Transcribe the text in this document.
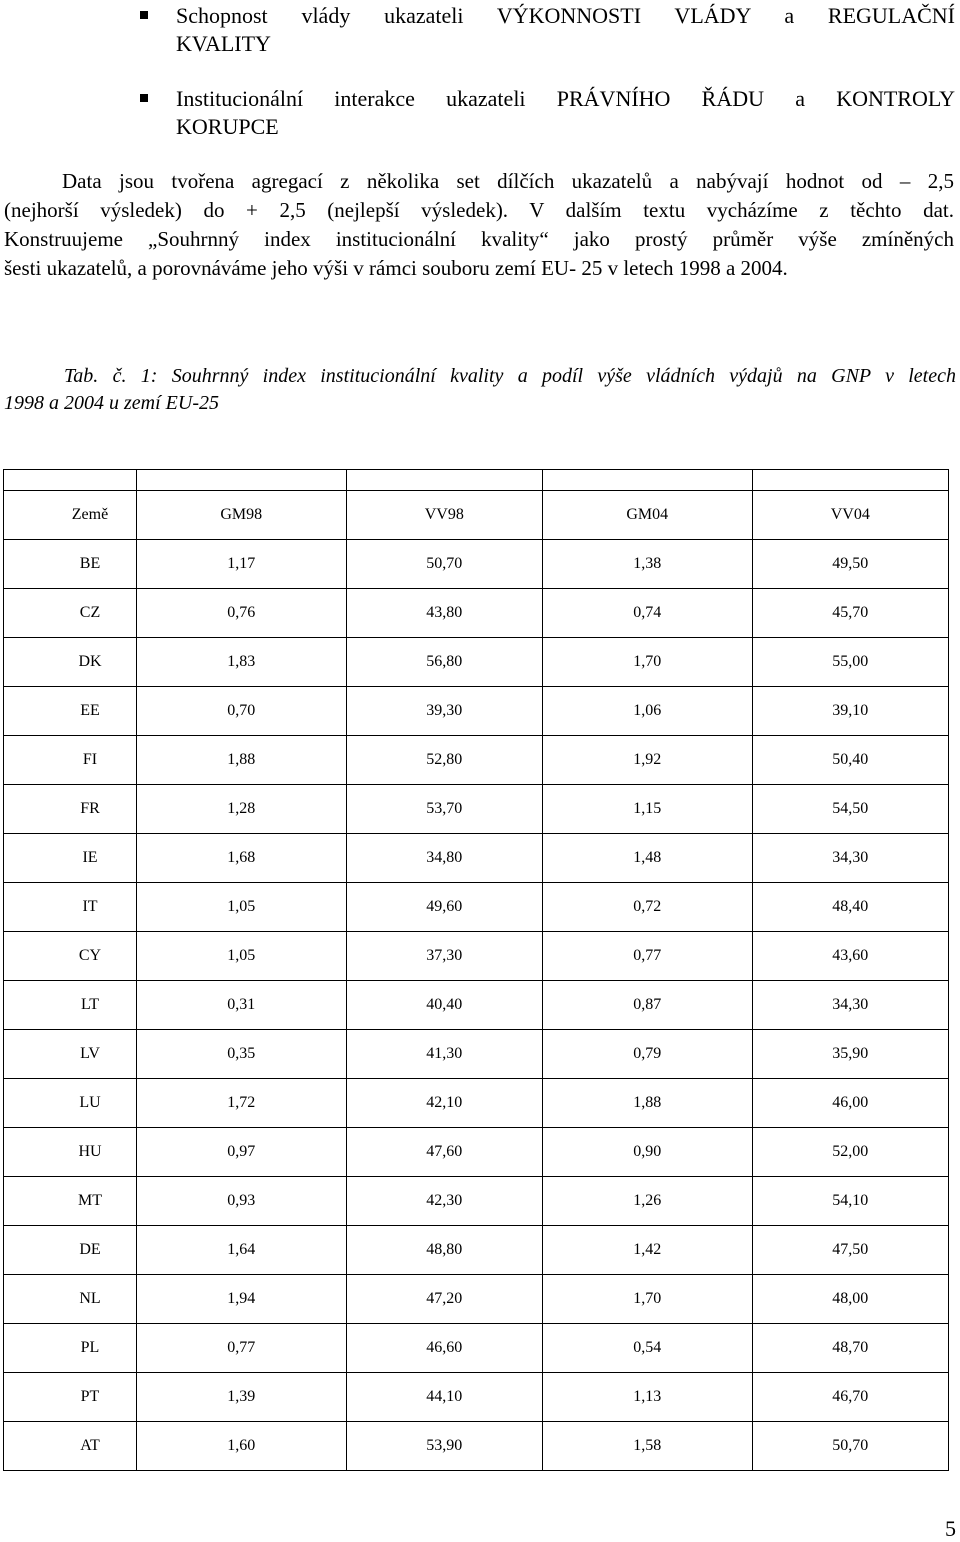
Schopnost vlády ukazateli VÝKONNOSTI VLÁDY a REGULAČNÍ
KVALITY
Institucionální interakce ukazateli PRÁVNÍHO ŘÁDU a KONTROLY
KORUPCE
Data jsou tvořena agregací z několika set dílčích ukazatelů a nabývají hodnot od – 2,5
(nejhorší výsledek) do + 2,5 (nejlepší výsledek). V dalším textu vycházíme z těchto dat.
Konstruujeme „Souhrnný index institucionální kvality“ jako prostý průměr výše zmíněných
šesti ukazatelů, a porovnáváme jeho výši v rámci souboru zemí EU- 25 v letech 1998 a 2004.
Tab. č. 1: Souhrnný index institucionální kvality a podíl výše vládních výdajů na GNP v letech
1998 a 2004 u zemí EU-25

Země	GM98	VV98	GM04	VV04
BE	1,17	50,70	1,38	49,50
CZ	0,76	43,80	0,74	45,70
DK	1,83	56,80	1,70	55,00
EE	0,70	39,30	1,06	39,10
FI	1,88	52,80	1,92	50,40
FR	1,28	53,70	1,15	54,50
IE	1,68	34,80	1,48	34,30
IT	1,05	49,60	0,72	48,40
CY	1,05	37,30	0,77	43,60
LT	0,31	40,40	0,87	34,30
LV	0,35	41,30	0,79	35,90
LU	1,72	42,10	1,88	46,00
HU	0,97	47,60	0,90	52,00
MT	0,93	42,30	1,26	54,10
DE	1,64	48,80	1,42	47,50
NL	1,94	47,20	1,70	48,00
PL	0,77	46,60	0,54	48,70
PT	1,39	44,10	1,13	46,70
AT	1,60	53,90	1,58	50,70
5
